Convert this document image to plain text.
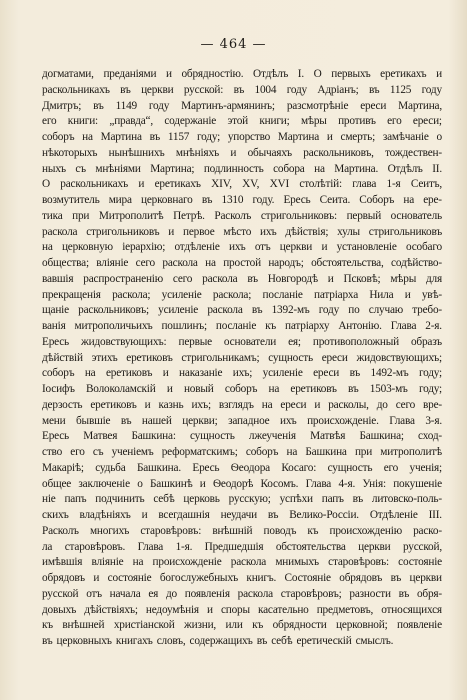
— 464 —
догматами, преданіями и обрядностію. Отдѣлъ I. О первыхъ еретикахъ и
раскольникахъ въ церкви русской: въ 1004 году Адріанъ; въ 1125 году
Дмитръ; въ 1149 году Мартинъ-армянинъ; разсмотрѣніе ереси Мартина,
его книги: „правда“, содержаніе этой книги; мѣры противъ его ереси;
соборъ на Мартина въ 1157 году; упорство Мартина и смерть; замѣчаніе о
нѣкоторыхъ нынѣшнихъ мнѣніяхъ и обычаяхъ раскольниковъ, тождествен-
ныхъ съ мнѣніями Мартина; подлинность собора на Мартина. Отдѣлъ II.
О раскольникахъ и еретикахъ XIV, XV, XVI столѣтій: глава 1-я Сеитъ,
возмутитель мира церковнаго въ 1310 году. Ересь Сеита. Соборъ на ере-
тика при Митрополитѣ Петрѣ. Расколъ стригольниковъ: первый основатель
раскола стригольниковъ и первое мѣсто ихъ дѣйствія; хулы стригольниковъ
на церковную іерархію; отдѣленіе ихъ отъ церкви и установленіе особаго
общества; вліяніе сего раскола на простой народъ; обстоятельства, содѣйство-
вавшія распространенію сего раскола въ Новгородѣ и Псковѣ; мѣры для
прекращенія раскола; усиленіе раскола; посланіе патріарха Нила и увѣ-
щаніе раскольниковъ; усиленіе раскола въ 1392-мъ году по случаю требо-
ванія митрополичьихъ пошлинъ; посланіе къ патріарху Антонію. Глава 2-я.
Ересь жидовствующихъ: первые основатели ея; противоположный образъ
дѣйствій этихъ еретиковъ стригольникамъ; сущность ереси жидовствующихъ;
соборъ на еретиковъ и наказаніе ихъ; усиленіе ереси въ 1492-мъ году;
Іосифъ Волоколамскій и новый соборъ на еретиковъ въ 1503-мъ году;
дерзость еретиковъ и казнь ихъ; взглядъ на ереси и расколы, до сего вре-
мени бывшіе въ нашей церкви; западное ихъ происхожденіе. Глава 3-я.
Ересь Матвея Башкина: сущность лжеученія Матвѣя Башкина; сход-
ство его съ ученіемъ реформатскимъ; соборъ на Башкина при митрополитѣ
Макаріѣ; судьба Башкина. Ересь Ѳеодора Косаго: сущность его ученія;
общее заключеніе о Башкинѣ и Ѳеодорѣ Косомъ. Глава 4-я. Унія: покушеніе
ніе папъ подчинить себѣ церковь русскую; успѣхи папъ въ литовско-поль-
скихъ владѣніяхъ и всегдашнія неудачи въ Велико-Россіи. Отдѣленіе III.
Расколъ многихъ старовѣровъ: внѣшній поводъ къ происхожденію раско-
ла старовѣровъ. Глава 1-я. Предшедшія обстоятельства церкви русской,
имѣвшія вліяніе на происхожденіе раскола мнимыхъ старовѣровъ: состояніе
обрядовъ и состояніе богослужебныхъ книгъ. Состояніе обрядовъ въ церкви
русской отъ начала ея до появленія раскола старовѣровъ; разности въ обря-
довыхъ дѣйствіяхъ; недоумѣнія и споры касательно предметовъ, относящихся
къ внѣшней христіанской жизни, или къ обрядности церковной; появленіе
въ церковныхъ книгахъ словъ, содержащихъ въ себѣ еретическій смыслъ.
